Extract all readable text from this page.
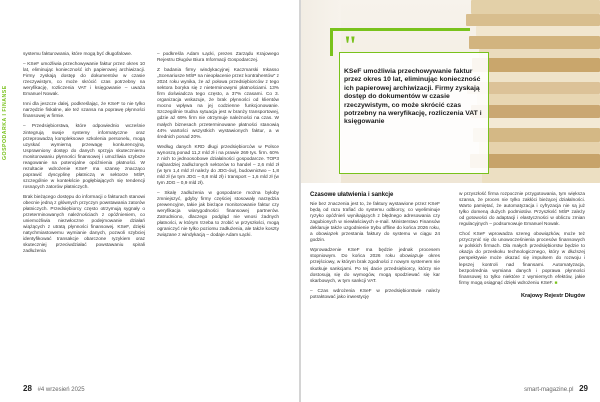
GOSPODARKA I FINANSE

systemu fakturowania, które mogą być długofalowe.

– KSeF umożliwia przechowywanie faktur przez okres 10 lat, eliminując konieczność ich papierowej archiwizacji. Firmy zyskają dostęp do dokumentów w czasie rzeczywistym, co może skrócić czas potrzebny na weryfikację, rozliczenia VAT i księgowanie – uważa Emanuel Nowak.

Inni dla jeszcze dalej, podkreślając, że KSeF to nie tylko narzędzie fiskalne, ale też szansa na poprawę płynności finansowej w firmie.

– Przedsiębiorstwa, które odpowiednio wcześnie zintegrują swoje systemy informatyczne oraz przeprowadzą kompleksowe szkolenia personelu, mogą uzyskać wymierną przewagę konkurencyjną. Usprawniony dostęp do danych sprzyja skuteczniemu monitorowaniu płynności finansowej i umożliwia szybsze reagowanie na potencjalne opóźnienia płatności. W rezultacie wdrożenie KSeF ma szansę znacząco poprawić dyscyplinę płatniczą w sektorze MŚP, szczególnie w kontekście pogłębiających się tendencji rosnących zatorów płatniczych.

Brak bieżącego dostępu do informacji o fakturach stanowi obecnie jedną z głównych przyczyn powstawania zatorów płatniczych. Przedsiębiorcy często otrzymują sygnały o przeterminowanych należnościach z opóźnieniem, co uniemożliwia niezwłoczne podejmowanie działań wiążących z utratą płynności finansowej. KSeF, dzięki natychmiastowemu wymianie danych, pozwoli szybciej identyfikować transakcje obarczone ryzykiem oraz skuteczniej przeciwdziałać powstawaniu spirali zadłużenia

– podkreśla Adam Łącki, prezes Zarządu Krajowego Rejestru Długów Biura Informacji Gospodarczej.

Z badania firmy windykacyjnej Kaczmarski Inkasso „Scenariusze MŚP na nieopłacenie przez kontrahentów" z 2024 roku wynika, że aż połowa przedsiębiorców z tego sektora boryka się z nieterminowymi płatnościami. 13% firm doświadcza tego często, a 37% czasami. Co 3. organizacja wskazuje, że brak płynności od klientów mocno wpływa na jej codzienne funkcjonowanie. Szczególnie trudna sytuacja jest w branży transportowej, gdzie aż 69% firm nie otrzymuje należności na czas. W małych biznesach przeterminowane płatności stanowią 44% wartości wszystkich wystawionych faktur, a w średnich ponad 20%.

Według danych KRD długi przedsiębiorców w Polsce wynoszą ponad 11,2 mld zł i na prawie 269 tys. firm. 60% z nich to jednoosobowe działalności gospodarcze. TOP3 najbardziej zadłużonych sektorów to handel – 2,6 mld zł (w tym 1,4 mld zł należy do JDG-ów), budownictwo – 1,8 mld zł (w tym JDG – 0,8 mld zł) i transport – 1,6 mld zł (w tym JDG – 0,9 mld zł).

– Skalę zadłużenia w gospodarce można byłoby zmniejszyć, gdyby firmy częściej stosowały narzędzia prewencyjne, takie jak bieżące monitorowanie faktur czy weryfikacja wiarygodności finansowej partnerów. Zatrudniono, dlaczego podgląd nie wnosi żadnych płatności, w którym trzeba to zrobić w przyszłości, mogą ograniczyć nie tylko poziomu zadłużenia, ale także koszty związane z windykacją – dodaje Adam Łącki.

28 #4 wrzesień 2025
Czasowe ułatwienia i sankcje

Nie bez znaczenia jest to, że faktury wystawione przez KSeF będą od razu trafiać do systemu odbiorcy, co wyeliminuje ryzyko opóźnień wynikających z błędnego adresowania czy zagubionych w niewłaściwych e-mail. Ministerstwo Finansów deklaruje także uzgodnienie trybu offline do końca 2026 roku, a obowiązek przestania faktury do systemu w ciągu 24 godzin.

Wprowadzenie KSeF ma będzie jednak procesem stopniowym. Do końca 2026 roku obowiązuje okres przejściowy, w którym brak zgodności z nowym systemem nie skutkuje sankcjami. Po tej dacie przedsiębiorcy, którzy nie dostosują się do wymogów, mogą spodziewać się kar skarbowych, w tym sankcji VAT.

– Czas wdrożenia KSeF w przedsiębiorstwie należy potraktować jako inwestycję

w przyszłość firma rozpocznie przygotowania, tym większa szansa, że proces nie tylko zakłóci bieżącej działalności. Warto pamiętać, że automatyzacja i cyfryzacja nie są już tylko domeną dużych podmiotów. Przyszłość MŚP zależy od gotowości do adaptacji i elastyczności w obliczu zmian regulacyjnych – podsumowuje Emanuel Nowak.

Choć KSeF wprowadza szereg obowiązków, może też przyczynić się do unowocześnienia procesów finansowych w polskich firmach. Dla małych przedsiębiorstw będzie to okazja do przeskoku technologicznego, który w dłuższej perspektywie może okazać się impulsem do rozwoju i lepszej kontroli nad finansami. Automatyzacja, bezpośrednia wymiana danych i poprawa płynności finansowej to tylko niektóre z wymiernych efektów, jakie firmy mogą osiągnąć dzięki wdrożeniu KSeF. ■

Krajowy Rejestr Długów
smart-magazine.pl 29
"
KSeF umożliwia przechowywanie faktur przez okres 10 lat, eliminując konieczność ich papierowej archiwizacji. Firmy zyskają dostęp do dokumentów w czasie rzeczywistym, co może skrócić czas potrzebny na weryfikację, rozliczenia VAT i księgowanie
